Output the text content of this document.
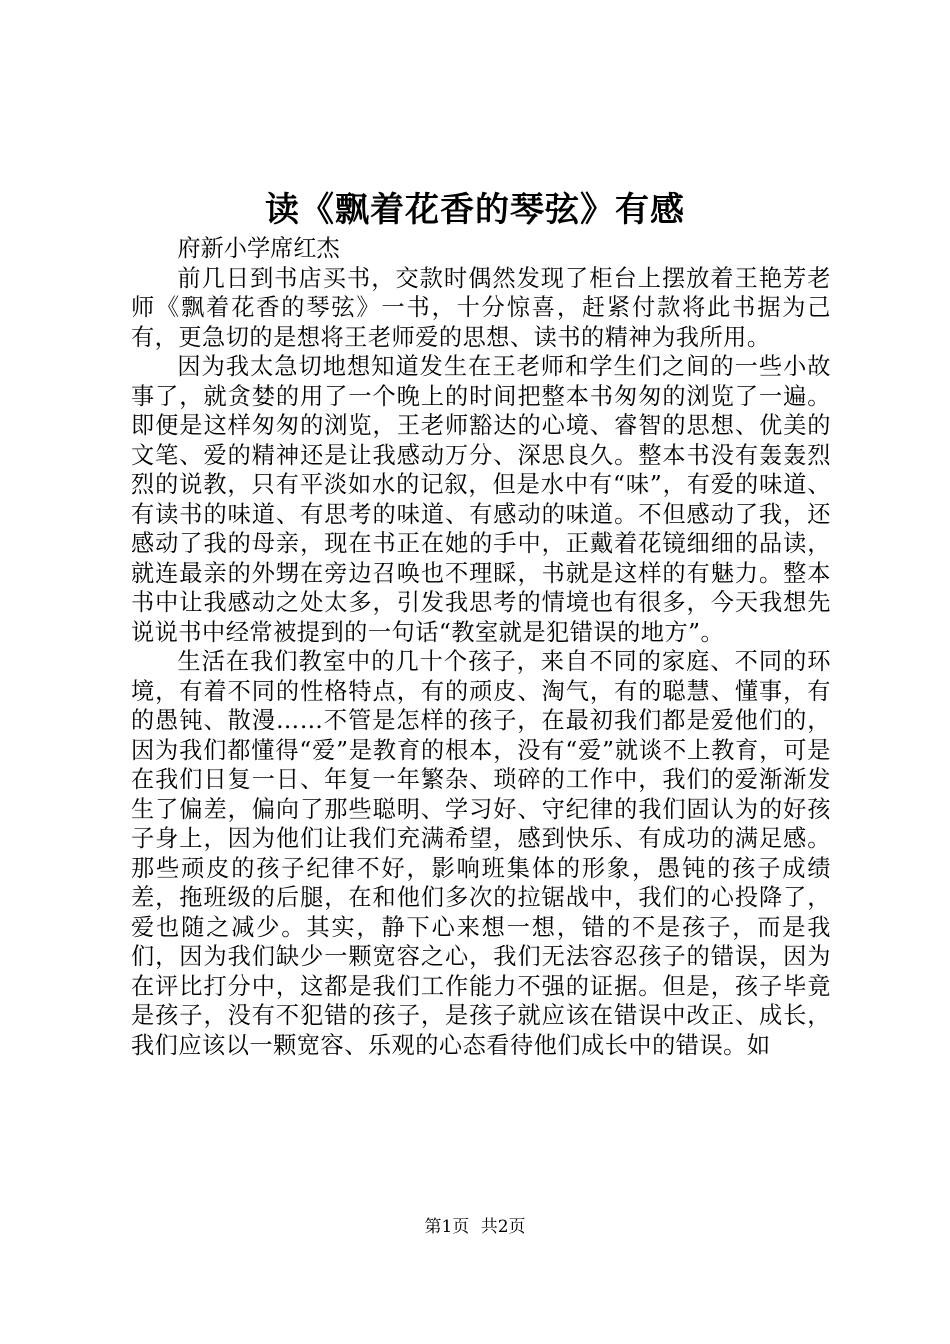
读《飘着花香的琴弦》有感

府新小学席红杰

前几日到书店买书，交款时偶然发现了柜台上摆放着王艳芳老师《飘着花香的琴弦》一书，十分惊喜，赶紧付款将此书据为己有，更急切的是想将王老师爱的思想、读书的精神为我所用。

因为我太急切地想知道发生在王老师和学生们之间的一些小故事了，就贪婪的用了一个晚上的时间把整本书匆匆的浏览了一遍。即便是这样匆匆的浏览，王老师豁达的心境、睿智的思想、优美的文笔、爱的精神还是让我感动万分、深思良久。整本书没有轰轰烈烈的说教，只有平淡如水的记叙，但是水中有“味”，有爱的味道、有读书的味道、有思考的味道、有感动的味道。不但感动了我，还感动了我的母亲，现在书正在她的手中，正戴着花镜细细的品读，就连最亲的外甥在旁边召唤也不理睬，书就是这样的有魅力。整本书中让我感动之处太多，引发我思考的情境也有很多，今天我想先说说书中经常被提到的一句话“教室就是犯错误的地方”。

生活在我们教室中的几十个孩子，来自不同的家庭、不同的环境，有着不同的性格特点，有的顽皮、淘气，有的聪慧、懂事，有的愚钝、散漫……不管是怎样的孩子，在最初我们都是爱他们的，因为我们都懂得“爱”是教育的根本，没有“爱”就谈不上教育，可是在我们日复一日、年复一年繁杂、琐碎的工作中，我们的爱渐渐发生了偏差，偏向了那些聪明、学习好、守纪律的我们固认为的好孩子身上，因为他们让我们充满希望，感到快乐、有成功的满足感。那些顽皮的孩子纪律不好，影响班集体的形象，愚钝的孩子成绩差，拖班级的后腿，在和他们多次的拉锯战中，我们的心投降了，爱也随之减少。其实，静下心来想一想，错的不是孩子，而是我们，因为我们缺少一颗宽容之心，我们无法容忍孩子的错误，因为在评比打分中，这都是我们工作能力不强的证据。但是，孩子毕竟是孩子，没有不犯错的孩子，是孩子就应该在错误中改正、成长，我们应该以一颗宽容、乐观的心态看待他们成长中的错误。如

第1页 共2页
